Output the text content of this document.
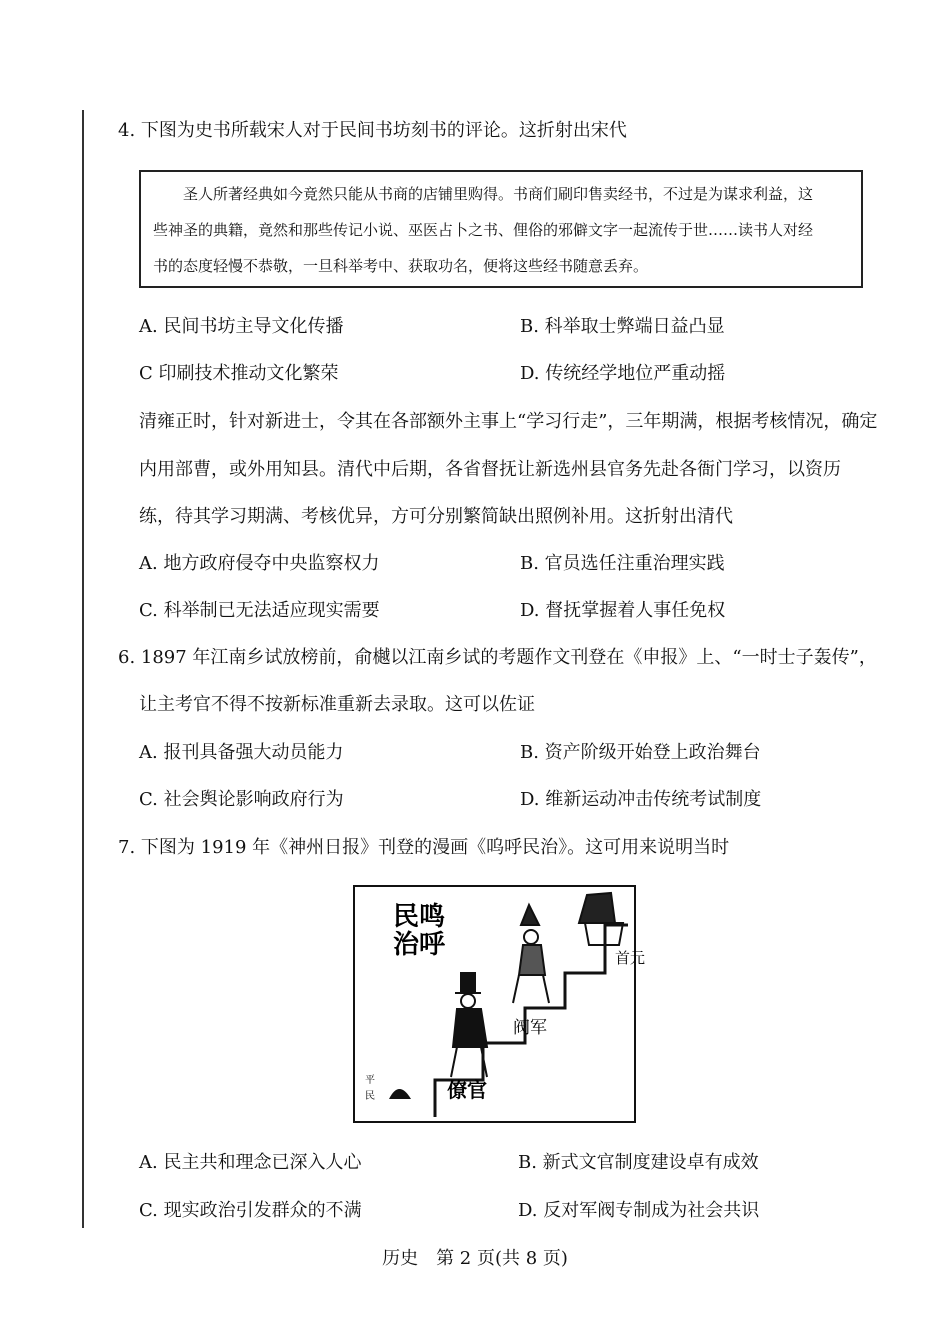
4. 下图为史书所载宋人对于民间书坊刻书的评论。这折射出宋代

圣人所著经典如今竟然只能从书商的店铺里购得。书商们刷印售卖经书，不过是为谋求利益，这

些神圣的典籍，竟然和那些传记小说、巫医占卜之书、俚俗的邪僻文字一起流传于世……读书人对经

书的态度轻慢不恭敬，一旦科举考中、获取功名，便将这些经书随意丢弃。

A. 民间书坊主导文化传播	B. 科举取士弊端日益凸显
C 印刷技术推动文化繁荣	D. 传统经学地位严重动摇
清雍正时，针对新进士，令其在各部额外主事上“学习行走”，三年期满，根据考核情况，确定
内用部曹，或外用知县。清代中后期，各省督抚让新选州县官务先赴各衙门学习，以资历
练，待其学习期满、考核优异，方可分别繁简缺出照例补用。这折射出清代
A. 地方政府侵夺中央监察权力	B. 官员选任注重治理实践
C. 科举制已无法适应现实需要	D. 督抚掌握着人事任免权
6. 1897 年江南乡试放榜前，俞樾以江南乡试的考题作文刊登在《申报》上、“一时士子轰传”，
让主考官不得不按新标准重新去录取。这可以佐证
A. 报刊具备强大动员能力	B. 资产阶级开始登上政治舞台
C. 社会舆论影响政府行为	D. 维新运动冲击传统考试制度
7. 下图为 1919 年《神州日报》刊登的漫画《呜呼民治》。这可用来说明当时
民鸣
治呼	首元
阀军
僚官
平
民
A. 民主共和理念已深入人心	B. 新式文官制度建设卓有成效
C. 现实政治引发群众的不满	D. 反对军阀专制成为社会共识
历史　第 2 页(共 8 页)
